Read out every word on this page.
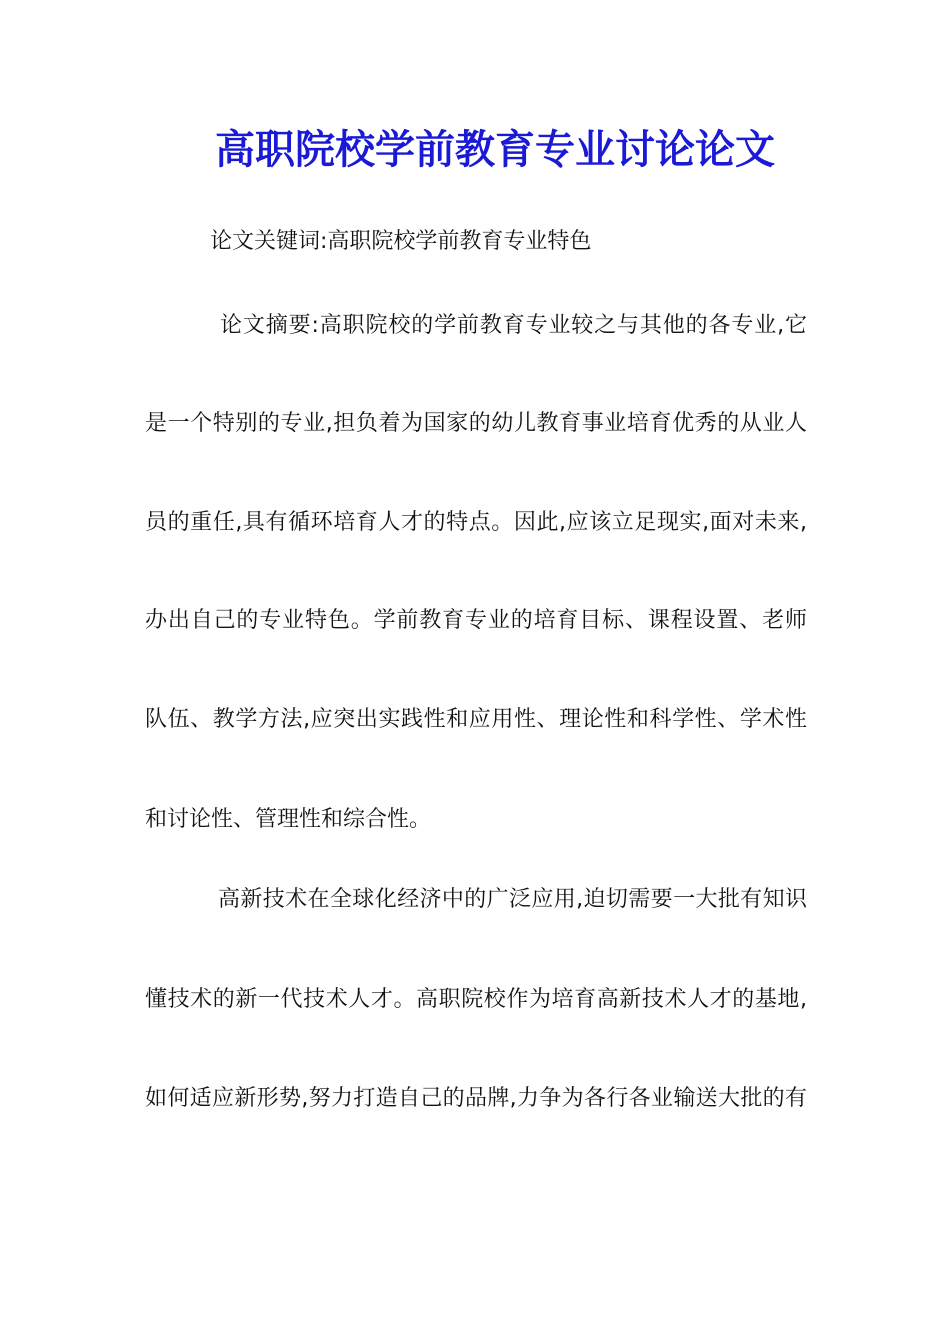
高职院校学前教育专业讨论论文
论文关键词:高职院校学前教育专业特色
论文摘要:高职院校的学前教育专业较之与其他的各专业,它
是一个特别的专业,担负着为国家的幼儿教育事业培育优秀的从业人
员的重任,具有循环培育人才的特点。因此,应该立足现实,面对未来,
办出自己的专业特色。学前教育专业的培育目标、课程设置、老师
队伍、教学方法,应突出实践性和应用性、理论性和科学性、学术性
和讨论性、管理性和综合性。
高新技术在全球化经济中的广泛应用,迫切需要一大批有知识
懂技术的新一代技术人才。高职院校作为培育高新技术人才的基地,
如何适应新形势,努力打造自己的品牌,力争为各行各业输送大批的有
